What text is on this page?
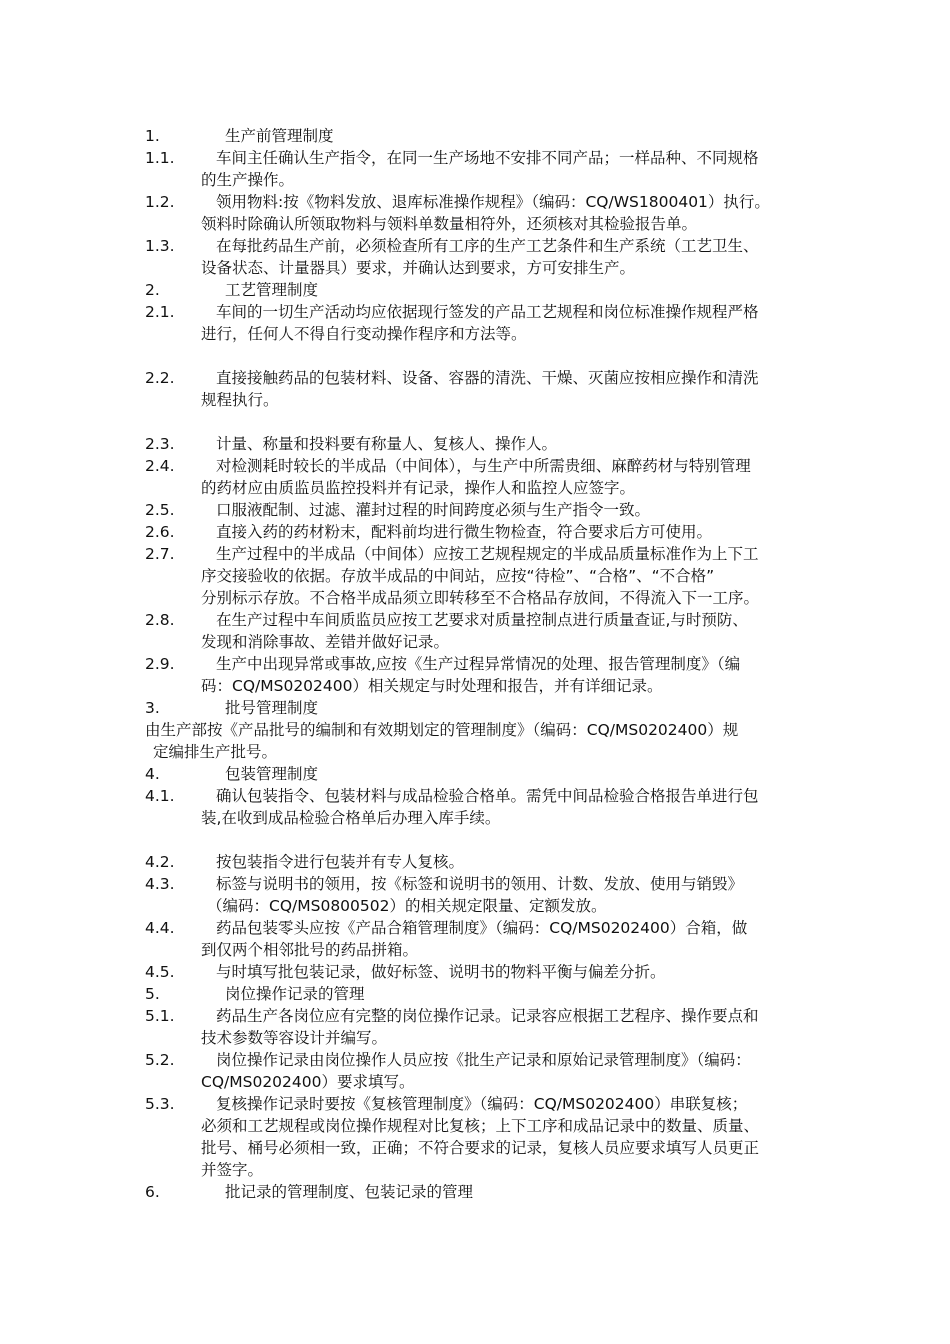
1.	生产前管理制度
1.1.	车间主任确认生产指令，在同一生产场地不安排不同产品；一样品种、不同规格
的生产操作。
1.2.	领用物料:按《物料发放、退库标准操作规程》（编码：CQ/WS1800401）执行。
领料时除确认所领取物料与领料单数量相符外，还须核对其检验报告单。
1.3.	在每批药品生产前，必须检查所有工序的生产工艺条件和生产系统（工艺卫生、
设备状态、计量器具）要求，并确认达到要求，方可安排生产。
2.	工艺管理制度
2.1.	车间的一切生产活动均应依据现行签发的产品工艺规程和岗位标准操作规程严格
进行，任何人不得自行变动操作程序和方法等。
2.2.	直接接触药品的包装材料、设备、容器的清洗、干燥、灭菌应按相应操作和清洗
规程执行。
2.3.	计量、称量和投料要有称量人、复核人、操作人。
2.4.	对检测耗时较长的半成品（中间体），与生产中所需贵细、麻醉药材与特别管理
的药材应由质监员监控投料并有记录，操作人和监控人应签字。
2.5.	口服液配制、过滤、灌封过程的时间跨度必须与生产指令一致。
2.6.	直接入药的药材粉末，配料前均进行微生物检查，符合要求后方可使用。
2.7.	生产过程中的半成品（中间体）应按工艺规程规定的半成品质量标准作为上下工
序交接验收的依据。存放半成品的中间站，应按“待检”、“合格”、“不合格”
分别标示存放。不合格半成品须立即转移至不合格品存放间，不得流入下一工序。
2.8.	在生产过程中车间质监员应按工艺要求对质量控制点进行质量查证,与时预防、
发现和消除事故、差错并做好记录。
2.9.	生产中出现异常或事故,应按《生产过程异常情况的处理、报告管理制度》（编
码：CQ/MS0202400）相关规定与时处理和报告，并有详细记录。
3.	批号管理制度
由生产部按《产品批号的编制和有效期划定的管理制度》（编码：CQ/MS0202400）规
定编排生产批号。
4.	包装管理制度
4.1.	确认包装指令、包装材料与成品检验合格单。需凭中间品检验合格报告单进行包
装,在收到成品检验合格单后办理入库手续。
4.2.	按包装指令进行包装并有专人复核。
4.3.	标签与说明书的领用，按《标签和说明书的领用、计数、发放、使用与销毁》
（编码：CQ/MS0800502）的相关规定限量、定额发放。
4.4.	药品包装零头应按《产品合箱管理制度》（编码：CQ/MS0202400）合箱，做
到仅两个相邻批号的药品拼箱。
4.5.	与时填写批包装记录，做好标签、说明书的物料平衡与偏差分折。
5.	岗位操作记录的管理
5.1.	药品生产各岗位应有完整的岗位操作记录。记录容应根据工艺程序、操作要点和
技术参数等容设计并编写。
5.2.	岗位操作记录由岗位操作人员应按《批生产记录和原始记录管理制度》（编码：
CQ/MS0202400）要求填写。
5.3.	复核操作记录时要按《复核管理制度》（编码：CQ/MS0202400）串联复核；
必须和工艺规程或岗位操作规程对比复核；上下工序和成品记录中的数量、质量、
批号、桶号必须相一致，正确；不符合要求的记录，复核人员应要求填写人员更正
并签字。
6.	批记录的管理制度、包装记录的管理
